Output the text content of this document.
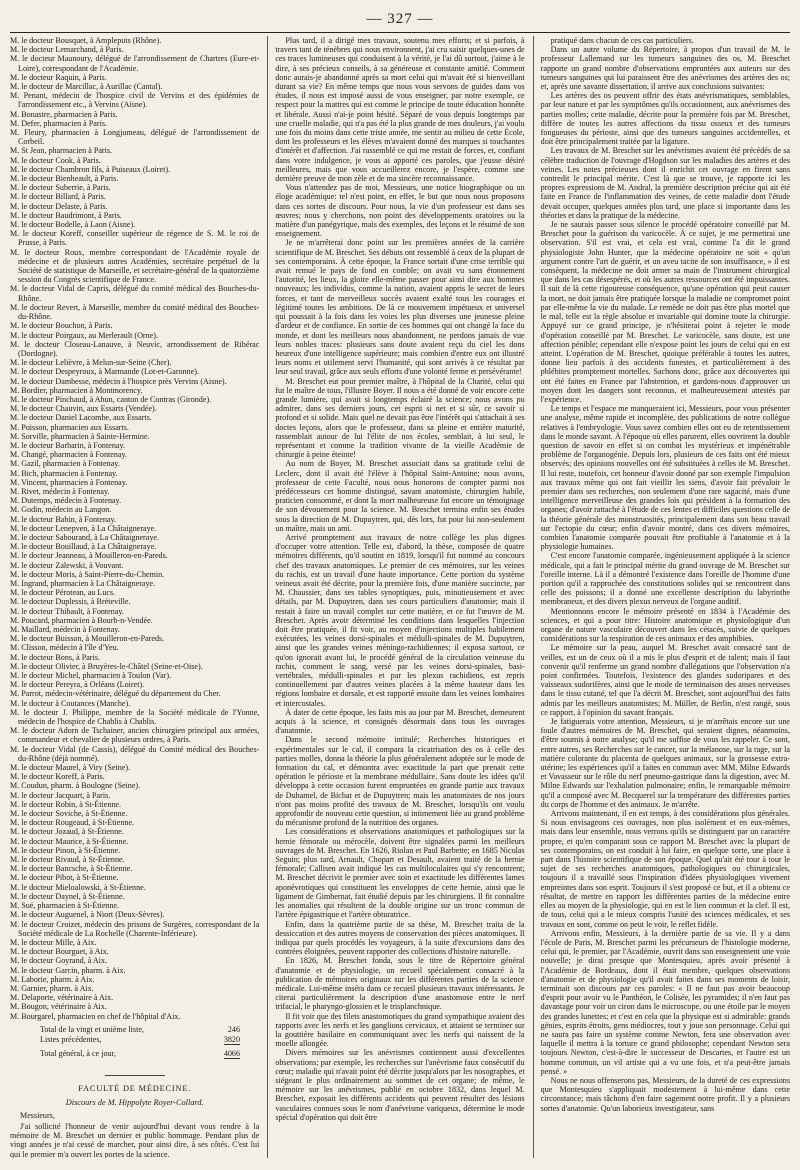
— 327 —

M. le docteur Bousquet, à Ampleputs (Rhône).

M. le docteur Lemarchand, à Paris.

M. le docteur Maunoury, délégué de l'arrondissement de Chartres (Eure-et-Loire), correspondant de l'Académie.

M. le docteur Raquin, à Paris.

M. le docteur de Marcillac, à Aurillac (Cantal).

M. Penant, médecin de l'hospice civil de Vervins et des épidémies de l'arrondissement etc., à Vervins (Aisne).

M. Bonastre, pharmacien à Paris.

M. Defer, pharmacien à Paris.

M. Fleury, pharmacien à Longjumeau, délégué de l'arrondissement de Corbeil.

M. St Jean, pharmacien à Paris.

M. le docteur Cook, à Paris.

M. le docteur Chambron fils, à Puiseaux (Loiret).

M. le docteur Bienheault, à Paris.

M. le docteur Suberrie, à Paris.

M. le docteur Billard, à Paris.

M. le docteur Delaste, à Paris.

M. le docteur Baudrimont, à Paris.

M. le docteur Bodelle, à Laon (Aisne).

M. le docteur Koreff, conseiller supérieur de régence de S. M. le roi de Prusse, à Paris.

M. le docteur Roux, membre correspondant de l'Académie royale de médecine et de plusieurs autres Académies, secrétaire perpétuel de la Société de statistique de Marseille, et secrétaire-général de la quatorzième session du Congrès scientifique de France.

M. le docteur Vidal de Capris, délégué du comité médical des Bouches-du-Rhône.

M. le docteur Revert, à Marseille, membre du comité médical des Bouches-du-Rhône.

M. le docteur Bouchon, à Paris.

M. le docteur Poirgaux, au Merlerault (Orne).

M. le docteur Closeau-Lanauve, à Neuvic, arrondissement de Ribérac (Dordogne).

M. le docteur Lelièvre, à Melun-sur-Seine (Cher).

M. le docteur Despeyroux, à Marmande (Lot-et-Garonne).

M. le docteur Dambesse, médecin à l'hospice près Vervins (Aisne).

M. Bordier, pharmacien à Montmorency.

M. le docteur Pinchaud, à Ahun, canton de Contras (Gironde).

M. le docteur Chauvin, aux Essarts (Vendée).

M. le docteur Daniel Lacombe, aux Essarts.

M. Poisson, pharmacien aux Essarts.

M. Sorville, pharmacien à Sainte-Hermine.

M. le docteur Barbarin, à Fontenay.

M. Changé, pharmacien à Fontenay.

M. Gazil, pharmacien à Fontenay.

M. Bich, pharmacien à Fontenay.

M. Vincent, pharmacien à Fontenay.

M. Rivet, médecin à Fontenay.

M. Dutemps, médecin à Fontenay.

M. Godin, médecin au Langon.

M. le docteur Babin, à Fontenay.

M. le docteur Lenepven, à La Châtaigneraye.

M. le docteur Sabourand, à La Châtaigneraye.

M. le docteur Bouillaud, à La Châtaigneraye.

M. le docteur Jeanneau, à Mouilleron-en-Pareds.

M. le docteur Zalewski, à Vouvant.

M. le docteur Moris, à Saint-Pierre-du-Chemin.

M. Ingrand, pharmacien à La Châtaigneraye.

M. le docteur Pérotean, au Lucs.

M. le docteur Duplessis, à Bréteville.

M. le docteur Thibault, à Fontenay.

M. Poucard, pharmacien à Bourb-n-Vendée.

M. Maillard, médecin à Fontenay.

M. le docteur Buisson, à Mouilleron-en-Pareds.

M. Clisson, médecin à l'île d'Yeu.

M. le docteur Bons, à Paris.

M. le docteur Olivier, à Bruyères-le-Châtel (Seine-et-Oise).

M. le docteur Michel, pharmacien à Toulon (Var).

M. le docteur Pereyra, à Orléans (Loiret).

M. Parrot, médecin-vétérinaire, délégué du département du Cher.

M. le docteur à Coutances (Manche).

M. le docteur J. Philippe, membre de la Société médicale de l'Yonne, médecin de l'hospice de Chablis à Chablis.

M. le docteur Adorn de Tschainer, ancien chirurgien principal aux armées, commandeur et chevalier de plusieurs ordres, à Paris.

M. le docteur Vidal (de Cassis), délégué du Comité médical des Bouches-du-Rhône (déjà nommé).

M. le docteur Maurel, à Viry (Seine).

M. le docteur Koreff, à Paris.

M. Coudun, pharm. à Boulogne (Seine).

M. le docteur Jacquart, à Paris.

M. le docteur Robin, à St-Étienne.

M. le docteur Soviche, à St-Étienne.

M. le docteur Rougeaud, à St-Étienne.

M. le docteur Jozaud, à St-Étienne.

M. le docteur Maurice, à St-Étienne.

M. le docteur Pinon, à St-Étienne.

M. le docteur Rivaud, à St-Étienne.

M. le docteur Bancsche, à St-Étienne.

M. le docteur Pibot, à St-Étienne.

M. le docteur Mieloalowski, à St-Étienne.

M. le docteur Daynel, à St-Étienne.

M. Sué, pharmacien à St-Étienne.

M. le docteur Auguenel, à Niort (Deux-Sèvres).

M. le docteur Croizet, médecin des prisons de Surgères, correspondant de la Société médicale de La Rochelle (Charente-Inférieure).

M. le docteur Mille, à Aix.

M. le docteur Bourguet, à Aix.

M. le docteur Goyrand, à Aix.

M. le docteur Garcin, pharm. à Aix.

M. Laborie, pharm. à Aix.

M. Garnier, pharm. à Aix.

M. Delaporte, vétérinaire à Aix.

M. Bougon, vétérinaire à Aix.

M. Bourgarel, pharmacien en chef de l'hôpital d'Aix.

Total de la vingt et unième liste,	246
Listes précédentes,	3820
Total général, à ce jour,	4066
FACULTÉ DE MÉDECINE.
Discours de M. Hippolyte Royer-Collard.
Messieurs,

J'ai sollicité l'honneur de venir aujourd'hui devant vous rendre à la mémoire de M. Breschet un dernier et public hommage. Pendant plus de vingt années je n'ai cessé de marcher, pour ainsi dire, à ses côtés. C'est lui qui le premier m'a ouvert les portes de la science.

Plus tard, il a dirigé mes travaux, soutenu mes efforts; et si parfois, à travers tant de ténèbres qui nous environnent, j'ai cru saisir quelques-unes de ces traces lumineuses qui conduisent à la vérité, je l'ai dû surtout, j'aime à le dire, à ses précieux conseils, à sa généreuse et constante amitié. Comment donc aurais-je abandonné après sa mort celui qui m'avait été si bienveillant durant sa vie? En même temps que nous vous servons de guides dans vos études, il nous est imposé aussi de vous enseigner, par notre exemple, ce respect pour la mattres qui est comme le principe de toute éducation honnête et libérale. Aussi n'ai-je point hésité. Séparé de vous depuis longtemps par une cruelle maladie, qui n'a pas été la plus grande de mes douleurs, j'ai voulu une fois du moins dans cette triste année, me sentir au milieu de cette École, dont les professeurs et les élèves m'avaient donné des marques si touchantes d'intérêt et d'affection. J'ai rassemblé ce qui me restait de forces, et, confiant dans votre indulgence, je vous ai apporté ces paroles, que j'eusse désiré meilleures, mais que vous accueillerez encore, je l'espère, comme une dernière preuve de mon zèle et de ma sincère reconnaissance.

Vous n'attendez pas de moi, Messieurs, une notice biographique ou un éloge académique: tel n'est point, en effet, le but que nous nous proposons dans ces sortes de discours. Pour nous, la vie d'un professeur est dans ses œuvres; nous y cherchons, non point des développements oratoires ou la matière d'un panégyrique, mais des exemples, des leçons et le résumé de son enseignement.

Je ne m'arrêterai donc point sur les premières années de la carrière scientifique de M. Breschet. Ses débuts ont ressemblé à ceux de la plupart de ses contemporains. À cette époque, la France sortait d'une crise terrible qui avait remué le pays de fond en comble; on avait vu sans étonnement l'autorité, les lieux, la gloire elle-même passer pour ainsi dire aux hommes nouveaux; les individus, comme la nation, avaient appris le secret de leurs forces, et tant de merveilleux succès avaient exalté tous les courages et légitimé toutes les ambitions. De là ce mouvement impétueux et universel qui poussait à la fois dans les voies les plus diverses une jeunesse pleine d'ardeur et de confiance. En sortie de ces hommes qui ont changé la face du monde, et dont les meilleurs nous abandonnent, ne perdons jamais de vue leurs nobles traces: plusieurs sans doute avaient reçu du ciel les dons heureux d'une intelligence supérieure; mais combien d'entre eux ont illustré leurs noms et utilement servi l'humanité, qui sont arrivés à ce résultat par leur seul travail, grâce aux seuls efforts d'une volonté ferme et persévérante!

M. Breschet eut pour premier maître, à l'hôpital de la Charité, celui qui fut le maître de tous, l'illustre Boyer. Il nous a été donné de voir encore cette grande lumière, qui avait si longtemps éclairé la science; nous avons pu admirer, dans ses derniers jours, cet esprit si net et si sûr, ce savoir si profond et si solide. Mais quel ne devait pas être l'intérêt qui s'attachait à ses doctes leçons, alors que le professeur, dans sa pleine et entière maturité, rassemblait autour de lui l'élite de nos écoles, semblait, à lui seul, le représentant et comme la tradition vivante de la vieille Académie de chirurgie à peine éteinte!

Au nom de Boyer, M. Breschet associait dans sa gratitude celui de Leclerc, dont il avait été l'élève à l'hôpital Saint-Antoine; nous avons, professeur de cette Faculté, nous nous honorons de compter parmi nos prédécesseurs cet homme distingué, savant anatomiste, chirurgien habile, praticien consommé, et dont la mort malheureuse fut encore un témoignage de son dévouement pour la science. M. Breschet termina enfin ses études sous la direction de M. Dupuytren, qui, dès lors, fut pour lui non-seulement un maître, mais un ami.

Arrivé promptement aux travaux de notre collège les plus dignes d'occuper votre attention. Telle est, d'abord, la thèse, composée de quatre mémoires différents, qu'il soutint en 1819, lorsqu'il fut nommé au concours chef des travaux anatomiques. Le premier de ces mémoires, sur les veines du rachis, est un travail d'une haute importance. Cette portion du système veineux avait été décrite, pour la première fois, d'une manière succincte, par M. Chaussier, dans ses tables synoptiques, puis, minutieusement et avec détails, par M. Dupuytren, dans ses cours particuliers d'anatomie; mais il restait à faire un travail complet sur cette matière, et ce fut l'œuvre de M. Breschet. Après avoir déterminé les conditions dans lesquelles l'injection doit être pratiquée, il fit voir, au moyen d'injections multiples habilement exécutées, les veines dorsi-spinales et médulli-spinales de M. Dupuytren, ainsi que les grandes veines méningo-rachidiennes; il exposa surtout, ce qu'on ignorait avant lui, le procédé général de la circulation veineuse du rachis, comment le sang, versé par les veines dorsi-spinales, basi-vertébrales, médulli-spinales et par les plexus rachidiens, est repris continuellement par d'autres veines placées à la même hauteur dans les régions lombaire et dorsale, et est rapporté ensuite dans les veines lombaires et intercostales.

À dater de cette époque, les faits mis au jour par M. Breschet, demeurent acquis à la science, et consignés désormais dans tous les ouvrages d'anatomie.

Dans le second mémoire intitulé: Recherches historiques et expérimentales sur le cal, il compara la cicatrisation des os à celle des parties molles, donna la théorie la plus généralement adoptée sur le mode de formation du cal, et démontra avec exactitude la part que prenait cette opération le périoste et la membrane médullaire. Sans doute les idées qu'il développa à cette occasion furent empruntées en grande partie aux travaux de Duhamel, de Bichat et de Dupuytren; mais les anatomistes de nos jours n'ont pas moins profité des travaux de M. Breschet, lorsqu'ils ont voulu approfondir de nouveau cette question, si intimement liée au grand problème du mécanisme profond de la nutrition des organes.

Les considérations et observations anatomiques et pathologiques sur la hernie fémorale ou mérocèle, doivent être signalées parmi les meilleurs ouvrages de M. Breschet. En 1626, Riolan et Paul Barbette; en 1685 Nicolas Seguin; plus tard, Arnault, Chopart et Desault, avaient traité de la hernie fémorale; Callisen avait indiqué les cas multiloculaires qui s'y rencontrent; M. Breschet décrivit le premier avec soin et exactitude les différentes lames aponévrotiques qui constituent les enveloppes de cette hernie, ainsi que le ligament de Gimbernat, fait étudié depuis par les chirurgiens. Il fit connaître les anomalies qui résultent de la double origine sur un tronc commun de l'artère épigastrique et l'artère obturatrice.

Enfin, dans la quatrième partie de sa thèse, M. Breschet traita de la dessiccation et des autres moyens de conservation des pièces anatomiques. Il indiqua par quels procédés les voyageurs, à la suite d'excursions dans des contrées éloignées, peuvent rapporter des collections d'histoire naturelle.

En 1826, M. Breschet fonda, sous le titre de Répertoire général d'anatomie et de physiologie, un recueil spécialement consacré à la publication de mémoires originaux sur les différentes parties de la science médicale. Lui-même inséra dans ce recueil plusieurs travaux intéressants. Je citerai particulièrement la description d'une anastomose entre le nerf trifacial, le pharyngo-glossien et le trisplanchnique.

Il fit voir que des filets anastomotiques du grand sympathique avaient des rapports avec les nerfs et les ganglions cervicaux, et attaient se terminer sur la gouttière basilaire en communiquant avec les nerfs qui naissent de la moelle allongée.

Divers mémoires sur les anévrismes contiennent aussi d'excellentes observations; par exemple, les recherches sur l'anévrisme faux consécutif du cœur; maladie qui n'avait point été décrite jusqu'alors par les nosographes, et siégeant le plus ordinairement au sommet de cet organe; de même, le mémoire sur les anévrismes, publié en octobre 1832, dans lequel M. Breschet, exposait les différents accidents qui peuvent résulter des lésions vasculaires connues sous le nom d'anévrisme variqueux, détermine le mode spécial d'opération qui doit être

pratiqué dans chacun de ces cas particuliers.

Dans un autre volume du Répertoire, à propos d'un travail de M. le professeur Lallemand sur les tumeurs sanguines des os, M. Breschet rapporte un grand nombre d'observations empruntées aux auteurs sur des tumeurs sanguines qui lui paraissent être des anévrismes des artères des os; et, après une savante dissertation, il arrive aux conclusions suivantes:

Les artères des os peuvent offrir des états anévrismatiques, semblables, par leur nature et par les symptômes qu'ils occasionnent, aux anévrismes des parties molles; cette maladie, décrite pour la première fois par M. Breschet, diffère de toutes les autres affections du tissu osseux et des tumeurs fongueuses du périoste, ainsi que des tumeurs sanguines accidentelles, et doit être principalement traitée par la ligature.

Les travaux de M. Breschet sur les anévrismes avaient été précédés de sa célèbre traduction de l'ouvrage d'Hogdson sur les maladies des artères et des veines. Les notes précieuses dont il enrichit cet ouvrage en firent sans contredit le principal mérite. C'est là que se trouve, je rapporte ici les propres expressions de M. Andral, la première description précise qui ait été faite en France de l'inflammation des veines, de cette maladie dont l'étude devait occuper, quelques années plus tard, une place si importante dans les théories et dans la pratique de la médecine.

Je ne saurais passer sous silence le procédé opératoire conseillé par M. Breschet pour la guérison du varicocèle. À ce sujet, je me permettrai une observation. S'il est vrai, et cela est vrai, comme l'a dit le grand physiologiste John Hunter, que la médecine opératoire ne soit « qu'un argument contre l'art de guérir, et un aveu tacite de son insuffisance, » il est conséquent, la médecine ne doit armer sa main de l'instrument chirurgical que dans les cas désespérés, et où les autres ressources ont été impuissantes. Il suit de là cette rigoureuse conséquence, qu'une opération qui peut causer la mort, ne doit jamais être pratiquée lorsque la maladie ne compromet point par elle-même la vie du malade. Le remède ne doit pas être plus mortel que le mal, telle est la règle absolue et invariable qui domine toute la chirurgie. Appuyé sur ce grand principe, je n'hésiterai point à rejeter le mode d'opération conseillé par M. Breschet. Le varicocèle, sans doute, est une affection pénible; cependant elle n'expose point les jours de celui qui en est atteint. L'opération de M. Breschet, quoique préférable à toutes les autres, donne lieu parfois à des accidents funestes, et particulièrement à des phlébites promptement mortelles. Sachons donc, grâce aux découvertes qui ont été faites en France par l'abstention, et gardons-nous d'approuver un moyen dont les dangers sont reconnus, et malheureusement attestés par l'expérience.

Le temps et l'espace me manqueraient ici, Messieurs, pour vous présenter une analyse, même rapide et incomplète, des publications de notre collègue relatives à l'embryologie. Vous savez combien elles ont eu de retentissement dans le monde savant. À l'époque où elles parurent, elles ouvrirent la double question de savoir en effet si on combat les mystérieux et impénétrable problème de l'organogénie. Depuis lors, plusieurs de ces faits ont été mieux observés; des opinions nouvelles ont été substituées à celles de M. Breschet. Il lui reste, toutefois, cet honneur d'avoir donné par son exemple l'impulsion aux travaux même qui ont fait vieillir les siens, d'avoir fait prévaloir le premier dans ses recherches, non seulement d'une rare sagacité, mais d'une intelligence merveilleuse des grandes lois qui président à la formation des organes; d'avoir rattaché à l'étude de ces lentes et difficiles questions celle de la théorie générale des monstruosités, principalement dans son beau travail sur l'ectopie du cœur; enfin d'avoir montré, dans ces divers mémoires, combien l'anatomie comparée pouvait être profitable à l'anatomie et à la physiologie humaines.

C'est encore l'anatomie comparée, ingénieusement appliquée à la science médicale, qui a fait le principal mérite du grand ouvrage de M. Breschet sur l'oreille interne. Là il a démontré l'existence dans l'oreille de l'homme d'une portion qu'il a rapprochée des constitutions solides qui se rencontrent dans celle des poissons; il a donné une excellente description du labyrinthe membraneux, et des divers plexus nerveux de l'organe auditif.

Mentionnons encore le mémoire présenté en 1834 à l'Académie des sciences, et qui a pour titre: Histoire anatomique et physiologique d'un organe de nature vasculaire découvert dans les cétacés, suivie de quelques considérations sur la respiration de ces animaux et des amphibies.

Le mémoire sur la peau, auquel M. Breschet avait consacré tant de veilles, est un de ceux où il a mis le plus d'esprit et de talent; mais il faut convenir qu'il renferme un grand nombre d'allégations que l'observation n'a point confirmées. Toutefois, l'existence des glandes sudoripares et des vaisseaux sudorifères, ainsi que le mode de terminaison des anses nerveuses dans le tissu cutané, tel que l'a décrit M. Breschet, sont aujourd'hui des faits admis par les meilleurs anatomistes; M. Müller, de Berlin, n'est rangé, sous ce rapport, à l'opinion du savant français.

Je fatiguerais votre attention, Messieurs, si je m'arrêtais encore sur une foule d'autres mémoires de M. Breschet, qui seraient dignes, néanmoins, d'être soumis à notre analyse; qu'il me suffise de vous les rappeler. Ce sont, entre autres, ses Recherches sur le cancer, sur la mélanose, sur la rage, sur la matière colorante du placenta de quelques animaux, sur la grossesse extra-utérine; les expériences qu'il a faites en commun avec MM. Milne Edwards et Vavasseur sur le rôle du nerf pneumo-gastrique dans la digestion, avec M. Milne Edwards sur l'exhalation pulmonaire; enfin, le remarquable mémoire qu'il a composé avec M. Becquerel sur la température des différentes parties du corps de l'homme et des animaux. Je m'arrête.

Arrivons maintenant, il en est temps, à des considérations plus générales. Si nous envisageons ces ouvrages, non plus isolément et en eux-mêmes, mais dans leur ensemble, nous verrons qu'ils se distinguent par un caractère propre, et qu'en comparant sous ce rapport M. Breschet avec la plupart de ses contemporains, on est conduit à lui faire, en quelque sorte, une place à part dans l'histoire scientifique de son époque. Quel qu'ait été tour à tour le sujet de ses recherches anatomiques, pathologiques ou chirurgicales, toujours il a travaillé sous l'inspiration d'idées physiologiques vivement empreintes dans son esprit. Toujours il s'est proposé ce but, et il a obtenu ce résultat, de mettre en rapport les différentes parties de la médecine entre elles au moyen de la physiologie, qui en est le lien commun et la clef. Il est, de tous, celui qui a le mieux compris l'unité des sciences médicales, et ses travaux en sont, comme on peut le voir, le reflet fidèle.

Arrivons enfin, Messieurs, à la dernière partie de sa vie. Il y a dans l'école de Paris, M. Breschet parmi les précurseurs de l'histologie moderne, celui qui, le premier, par l'Académie, ouvrit dans son enseignement une voie nouvelle; je dirai presque que Montesquieu, après avoir présenté à l'Académie de Bordeaux, dont il était membre, quelques observations d'anatomie et de physiologie qu'il avait faites dans ses moments de loisir, terminait son discours par ces paroles: « Il ne faut pas avoir beaucoup d'esprit pour avoir vu le Panthéon, le Colisée, les pyramides; il n'en faut pas davantage pour voir un ciron dans le microscope, ou une étoile par le moyen des grandes lunettes; et c'est en cela que la physique est si admirable: grands génies, esprits étroits, gens médiocres, tout y joue son personnage. Celui qui ne saura pas faire un système comme Newton, fera une observation avec laquelle il mettra à la torture ce grand philosophe; cependant Newton sera toujours Newton, c'est-à-dire le successeur de Descartes, et l'autre est un homme commun, un vil artiste qui a vu une fois, et n'a peut-être jamais pensé. »

Nous ne nous offenserons pas, Messieurs, de la dureté de ces expressions que Montesquieu s'appliquait modestement à lui-même dans cette circonstance; mais tâchons d'en faire sagement notre profit. Il y a plusieurs sortes d'anatomie. Qu'un laborieux investigateur, sans
